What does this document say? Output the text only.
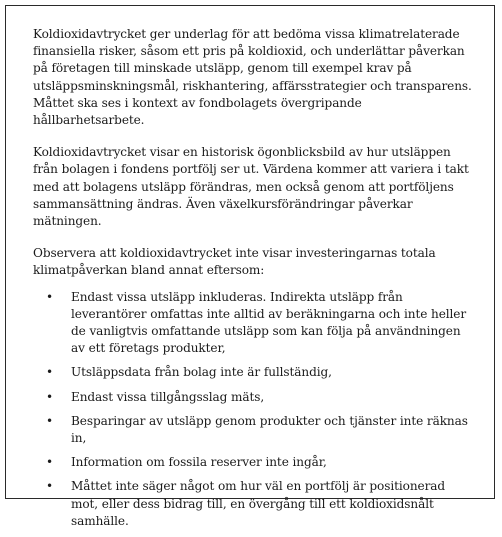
Koldioxidavtrycket ger underlag för att bedöma vissa klimatrelaterade finansiella risker, såsom ett pris på koldioxid, och underlättar påverkan på företagen till minskade utsläpp, genom till exempel krav på utsläppsminskningsmål, riskhantering, affärsstrategier och transparens. Måttet ska ses i kontext av fondbolagets övergripande hållbarhetsarbete.

Koldioxidavtrycket visar en historisk ögonblicksbild av hur utsläppen från bolagen i fondens portfölj ser ut. Värdena kommer att variera i takt med att bolagens utsläpp förändras, men också genom att portföljens sammansättning ändras. Även växelkursförändringar påverkar mätningen.

Observera att koldioxidavtrycket inte visar investeringarnas totala klimatpåverkan bland annat eftersom:

• Endast vissa utsläpp inkluderas. Indirekta utsläpp från leverantörer omfattas inte alltid av beräkningarna och inte heller de vanligtvis omfattande utsläpp som kan följa på användningen av ett företags produkter,
• Utsläppsdata från bolag inte är fullständig,
• Endast vissa tillgångsslag mäts,
• Besparingar av utsläpp genom produkter och tjänster inte räknas in,
• Information om fossila reserver inte ingår,
• Måttet inte säger något om hur väl en portfölj är positionerad mot, eller dess bidrag till, en övergång till ett koldioxidsnålt samhälle.
